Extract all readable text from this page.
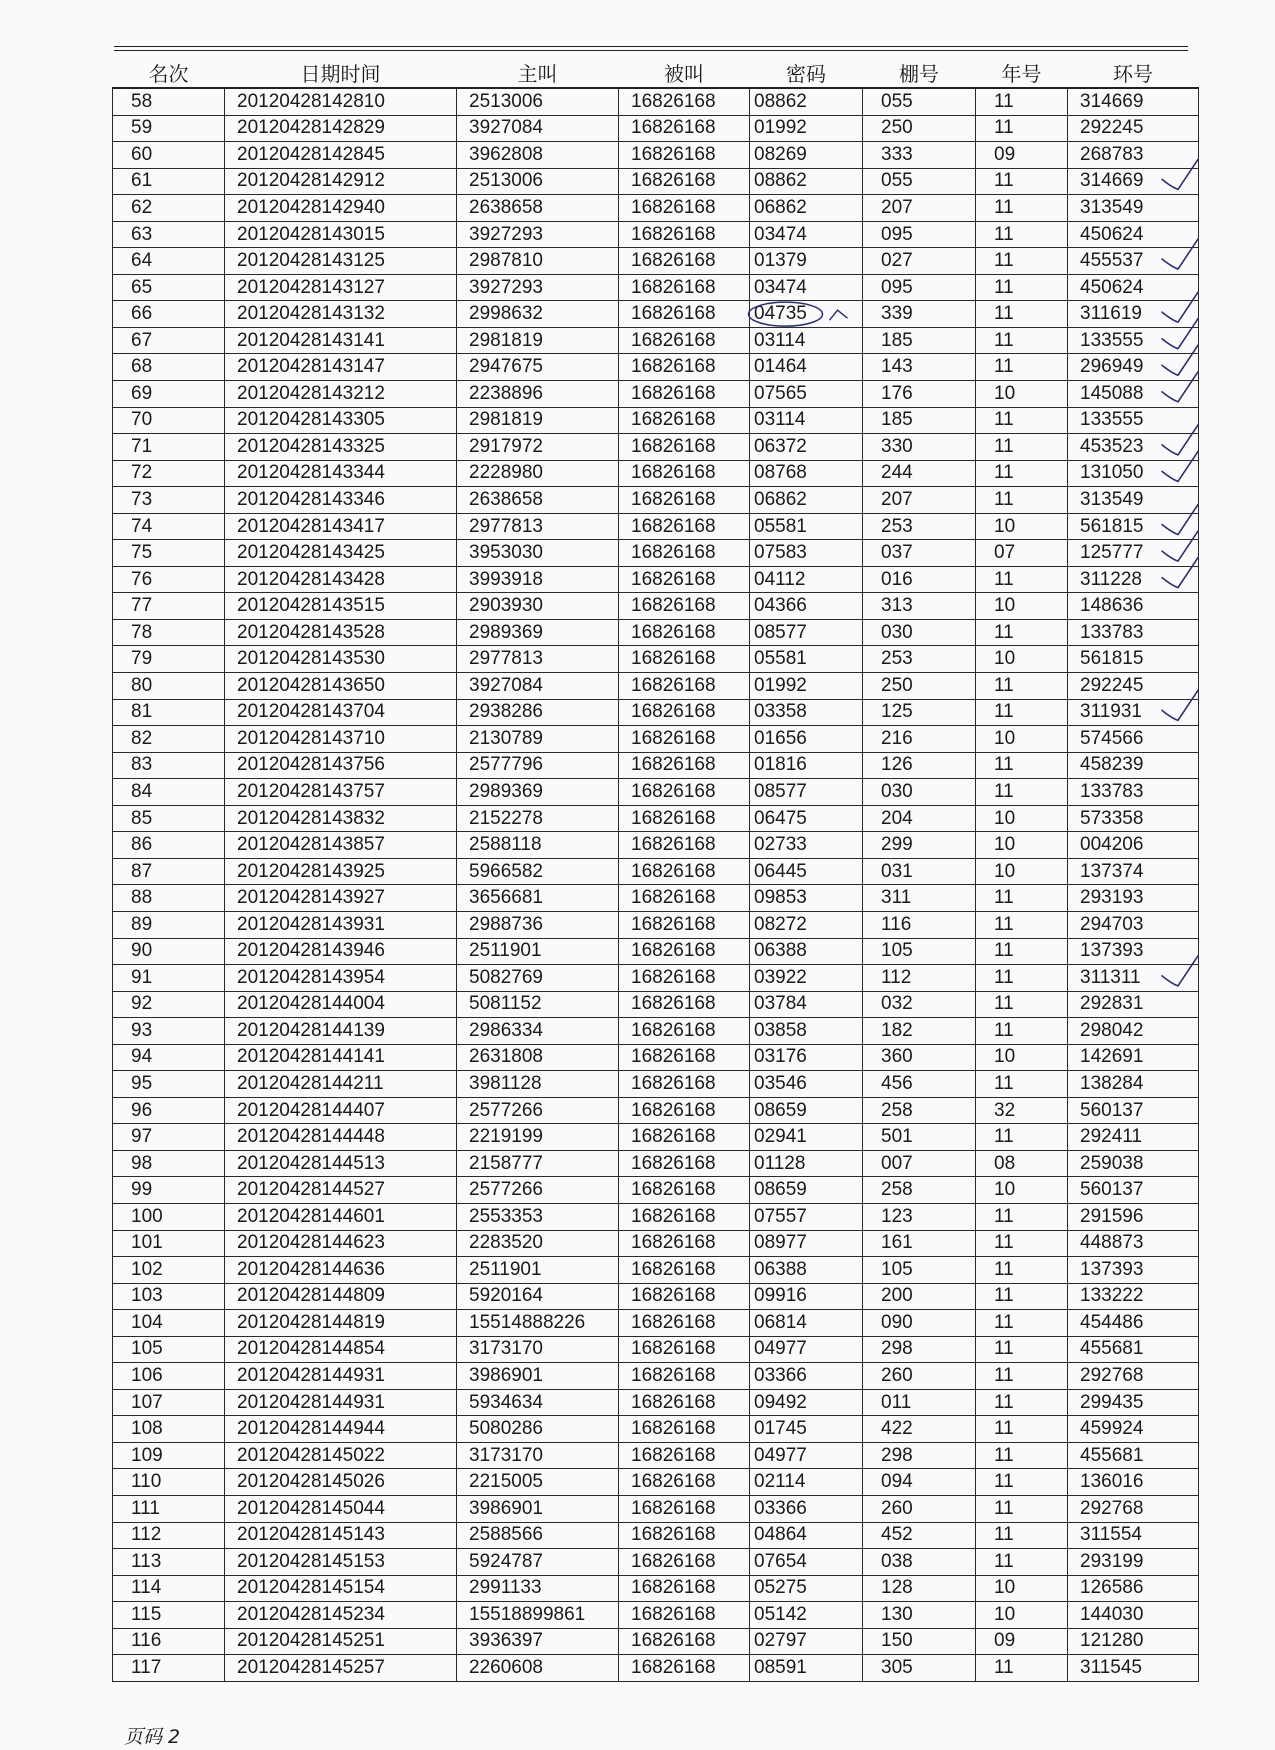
名次	日期时间	主叫	被叫	密码	棚号	年号	环号
58	20120428142810	2513006	16826168	08862	055	11	314669
59	20120428142829	3927084	16826168	01992	250	11	292245
60	20120428142845	3962808	16826168	08269	333	09	268783
61	20120428142912	2513006	16826168	08862	055	11	314669
62	20120428142940	2638658	16826168	06862	207	11	313549
63	20120428143015	3927293	16826168	03474	095	11	450624
64	20120428143125	2987810	16826168	01379	027	11	455537
65	20120428143127	3927293	16826168	03474	095	11	450624
66	20120428143132	2998632	16826168	04735	339	11	311619
67	20120428143141	2981819	16826168	03114	185	11	133555
68	20120428143147	2947675	16826168	01464	143	11	296949
69	20120428143212	2238896	16826168	07565	176	10	145088
70	20120428143305	2981819	16826168	03114	185	11	133555
71	20120428143325	2917972	16826168	06372	330	11	453523
72	20120428143344	2228980	16826168	08768	244	11	131050
73	20120428143346	2638658	16826168	06862	207	11	313549
74	20120428143417	2977813	16826168	05581	253	10	561815
75	20120428143425	3953030	16826168	07583	037	07	125777
76	20120428143428	3993918	16826168	04112	016	11	311228
77	20120428143515	2903930	16826168	04366	313	10	148636
78	20120428143528	2989369	16826168	08577	030	11	133783
79	20120428143530	2977813	16826168	05581	253	10	561815
80	20120428143650	3927084	16826168	01992	250	11	292245
81	20120428143704	2938286	16826168	03358	125	11	311931
82	20120428143710	2130789	16826168	01656	216	10	574566
83	20120428143756	2577796	16826168	01816	126	11	458239
84	20120428143757	2989369	16826168	08577	030	11	133783
85	20120428143832	2152278	16826168	06475	204	10	573358
86	20120428143857	2588118	16826168	02733	299	10	004206
87	20120428143925	5966582	16826168	06445	031	10	137374
88	20120428143927	3656681	16826168	09853	311	11	293193
89	20120428143931	2988736	16826168	08272	116	11	294703
90	20120428143946	2511901	16826168	06388	105	11	137393
91	20120428143954	5082769	16826168	03922	112	11	311311
92	20120428144004	5081152	16826168	03784	032	11	292831
93	20120428144139	2986334	16826168	03858	182	11	298042
94	20120428144141	2631808	16826168	03176	360	10	142691
95	20120428144211	3981128	16826168	03546	456	11	138284
96	20120428144407	2577266	16826168	08659	258	32	560137
97	20120428144448	2219199	16826168	02941	501	11	292411
98	20120428144513	2158777	16826168	01128	007	08	259038
99	20120428144527	2577266	16826168	08659	258	10	560137
100	20120428144601	2553353	16826168	07557	123	11	291596
101	20120428144623	2283520	16826168	08977	161	11	448873
102	20120428144636	2511901	16826168	06388	105	11	137393
103	20120428144809	5920164	16826168	09916	200	11	133222
104	20120428144819	15514888226	16826168	06814	090	11	454486
105	20120428144854	3173170	16826168	04977	298	11	455681
106	20120428144931	3986901	16826168	03366	260	11	292768
107	20120428144931	5934634	16826168	09492	011	11	299435
108	20120428144944	5080286	16826168	01745	422	11	459924
109	20120428145022	3173170	16826168	04977	298	11	455681
110	20120428145026	2215005	16826168	02114	094	11	136016
111	20120428145044	3986901	16826168	03366	260	11	292768
112	20120428145143	2588566	16826168	04864	452	11	311554
113	20120428145153	5924787	16826168	07654	038	11	293199
114	20120428145154	2991133	16826168	05275	128	10	126586
115	20120428145234	15518899861	16826168	05142	130	10	144030
116	20120428145251	3936397	16826168	02797	150	09	121280
117	20120428145257	2260608	16826168	08591	305	11	311545
页码 2
